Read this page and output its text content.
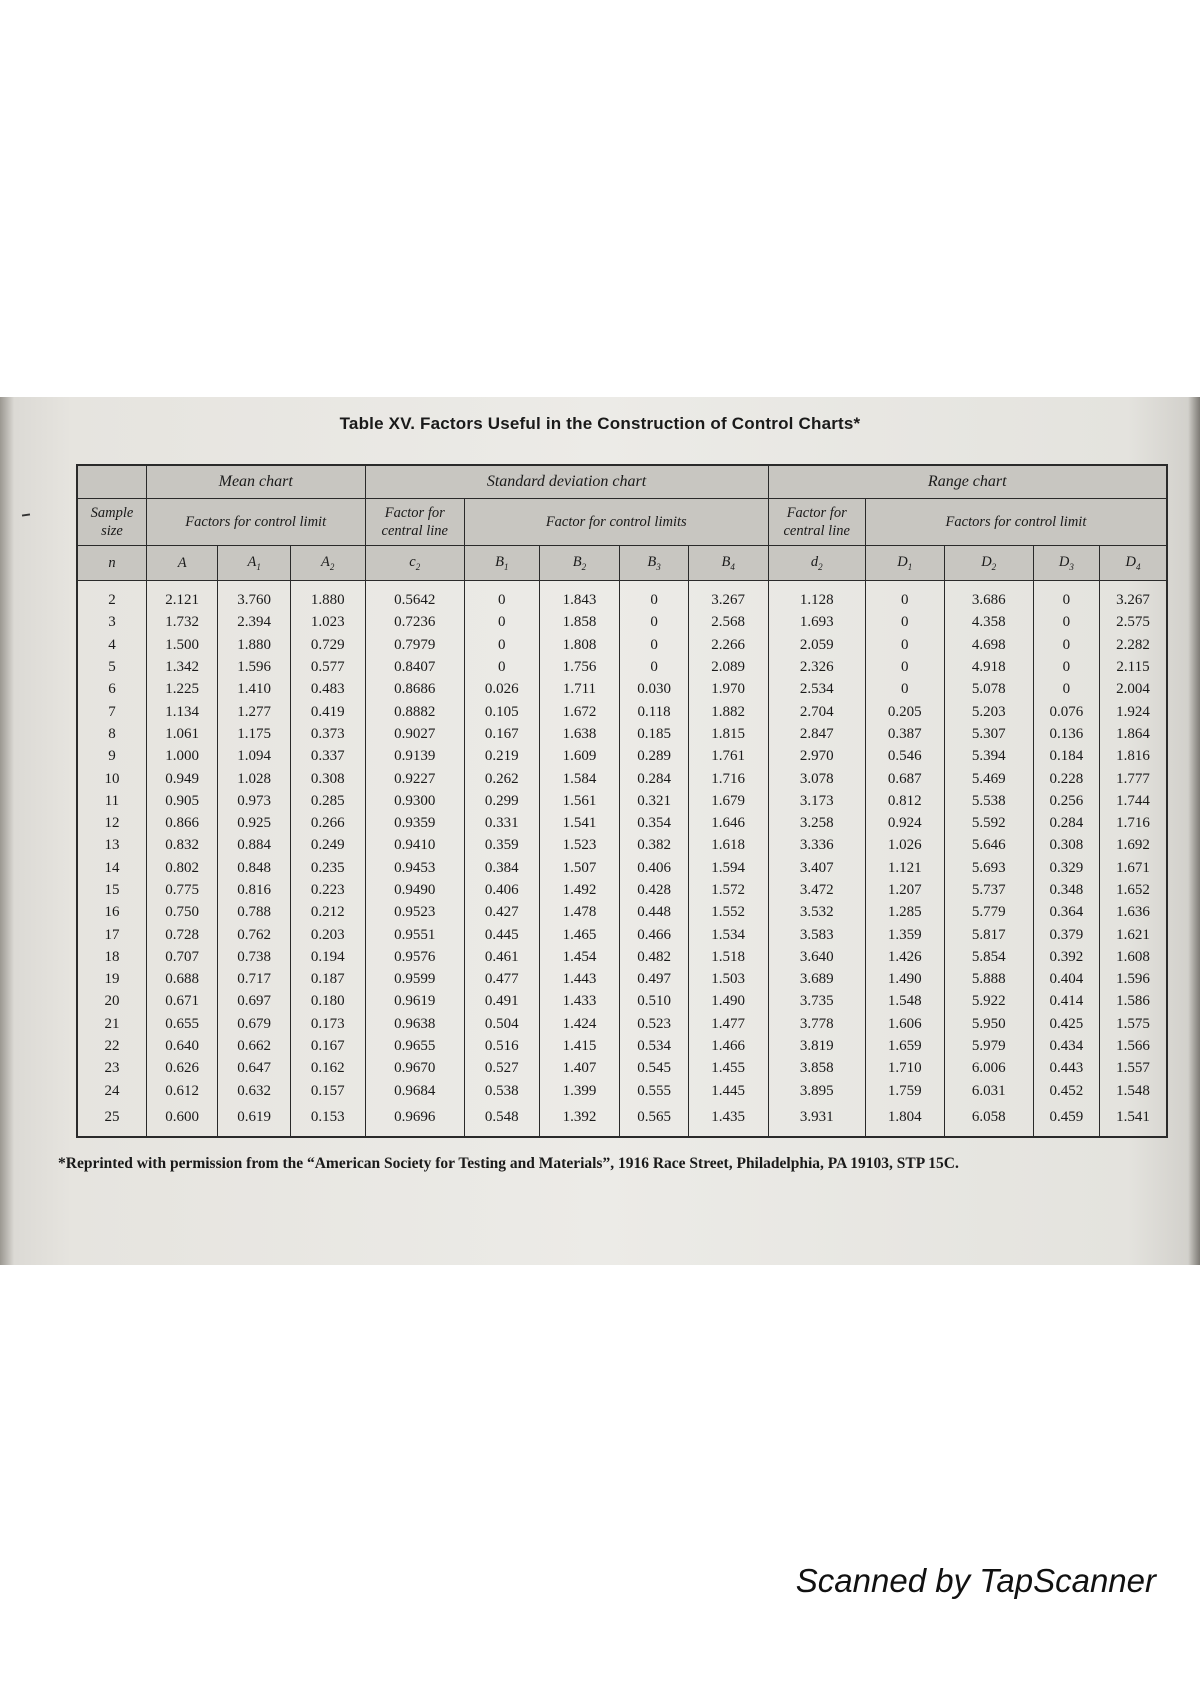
Table XV. Factors Useful in the Construction of Control Charts*
	Mean chart			Standard deviation chart					Range chart				
Sample size	Factors for control limit			Factor for central line	Factor for control limits				Factor for central line	Factors for control limit			
n	A	$A_1$	$A_2$	$c_2$	$B_1$	$B_2$	$B_3$	$B_4$	$d_2$	$D_1$	$D_2$	$D_3$	$D_4$
2	2.121	3.760	1.880	0.5642	0	1.843	0	3.267	1.128	0	3.686	0	3.267
3	1.732	2.394	1.023	0.7236	0	1.858	0	2.568	1.693	0	4.358	0	2.575
4	1.500	1.880	0.729	0.7979	0	1.808	0	2.266	2.059	0	4.698	0	2.282
5	1.342	1.596	0.577	0.8407	0	1.756	0	2.089	2.326	0	4.918	0	2.115
6	1.225	1.410	0.483	0.8686	0.026	1.711	0.030	1.970	2.534	0	5.078	0	2.004
7	1.134	1.277	0.419	0.8882	0.105	1.672	0.118	1.882	2.704	0.205	5.203	0.076	1.924
8	1.061	1.175	0.373	0.9027	0.167	1.638	0.185	1.815	2.847	0.387	5.307	0.136	1.864
9	1.000	1.094	0.337	0.9139	0.219	1.609	0.289	1.761	2.970	0.546	5.394	0.184	1.816
10	0.949	1.028	0.308	0.9227	0.262	1.584	0.284	1.716	3.078	0.687	5.469	0.228	1.777
11	0.905	0.973	0.285	0.9300	0.299	1.561	0.321	1.679	3.173	0.812	5.538	0.256	1.744
12	0.866	0.925	0.266	0.9359	0.331	1.541	0.354	1.646	3.258	0.924	5.592	0.284	1.716
13	0.832	0.884	0.249	0.9410	0.359	1.523	0.382	1.618	3.336	1.026	5.646	0.308	1.692
14	0.802	0.848	0.235	0.9453	0.384	1.507	0.406	1.594	3.407	1.121	5.693	0.329	1.671
15	0.775	0.816	0.223	0.9490	0.406	1.492	0.428	1.572	3.472	1.207	5.737	0.348	1.652
16	0.750	0.788	0.212	0.9523	0.427	1.478	0.448	1.552	3.532	1.285	5.779	0.364	1.636
17	0.728	0.762	0.203	0.9551	0.445	1.465	0.466	1.534	3.583	1.359	5.817	0.379	1.621
18	0.707	0.738	0.194	0.9576	0.461	1.454	0.482	1.518	3.640	1.426	5.854	0.392	1.608
19	0.688	0.717	0.187	0.9599	0.477	1.443	0.497	1.503	3.689	1.490	5.888	0.404	1.596
20	0.671	0.697	0.180	0.9619	0.491	1.433	0.510	1.490	3.735	1.548	5.922	0.414	1.586
21	0.655	0.679	0.173	0.9638	0.504	1.424	0.523	1.477	3.778	1.606	5.950	0.425	1.575
22	0.640	0.662	0.167	0.9655	0.516	1.415	0.534	1.466	3.819	1.659	5.979	0.434	1.566
23	0.626	0.647	0.162	0.9670	0.527	1.407	0.545	1.455	3.858	1.710	6.006	0.443	1.557
24	0.612	0.632	0.157	0.9684	0.538	1.399	0.555	1.445	3.895	1.759	6.031	0.452	1.548
25	0.600	0.619	0.153	0.9696	0.548	1.392	0.565	1.435	3.931	1.804	6.058	0.459	1.541
*Reprinted with permission from the “American Society for Testing and Materials”, 1916 Race Street, Philadelphia, PA 19103, STP 15C.
Scanned by TapScanner
